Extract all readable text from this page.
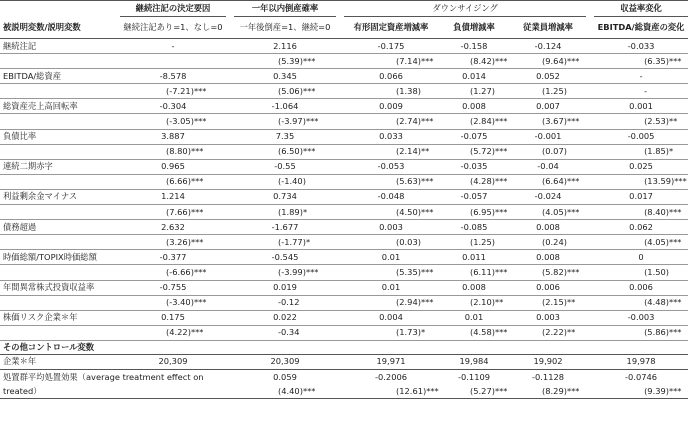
	継続注記の決定要因			一年以内倒産確率			ダウンサイジング							収益率変化	
被説明変数/説明変数	継続注記あり=1、なし=0			一年後倒産=1、継続=0			有形固定資産増減率		負債増減率		従業員増減率			EBITDA/総資産の変化	
継続注記	-			2.116			-0.175		-0.158		-0.124			-0.033	
					(5.39)***			(7.14)***		(8.42)***		(9.64)***			(6.35)***
EBITDA/総資産	-8.578			0.345			0.066		0.014		0.052			-	
		(-7.21)***			(5.06)***			(1.38)		(1.27)		(1.25)			-
総資産売上高回転率	-0.304			-1.064			0.009		0.008		0.007			0.001	
		(-3.05)***			(-3.97)***			(2.74)***		(2.84)***		(3.67)***			(2.53)**
負債比率	3.887			7.35			0.033		-0.075		-0.001			-0.005	
		(8.80)***			(6.50)***			(2.14)**		(5.72)***		(0.07)			(1.85)*
連続二期赤字	0.965			-0.55			-0.053		-0.035		-0.04			0.025	
		(6.66)***			(-1.40)			(5.63)***		(4.28)***		(6.64)***			(13.59)***
利益剰余金マイナス	1.214			0.734			-0.048		-0.057		-0.024			0.017	
		(7.66)***			(1.89)*			(4.50)***		(6.95)***		(4.05)***			(8.40)***
債務超過	2.632			-1.677			0.003		-0.085		0.008			0.062	
		(3.26)***			(-1.77)*			(0.03)		(1.25)		(0.24)			(4.05)***
時価総額/TOPIX時価総額	-0.377			-0.545			0.01		0.011		0.008			0	
		(-6.66)***			(-3.99)***			(5.35)***		(6.11)***		(5.82)***			(1.50)
年間異常株式投資収益率	-0.755			0.019			0.01		0.008		0.006			0.006	
		(-3.40)***			-0.12			(2.94)***		(2.10)**		(2.15)**			(4.48)***
株価リスク企業＊年	0.175			0.022			0.004		0.01		0.003			-0.003	
		(4.22)***			-0.34			(1.73)*		(4.58)***		(2.22)**			(5.86)***
その他コントロール変数															
企業＊年	20,309			20,309			19,971		19,984		19,902			19,978	
処置群平均処置効果（average treatment effect on				0.059			-0.2006		-0.1109		-0.1128			-0.0746	
treated）					(4.40)***			(12.61)***		(5.27)***		(8.29)***			(9.39)***
